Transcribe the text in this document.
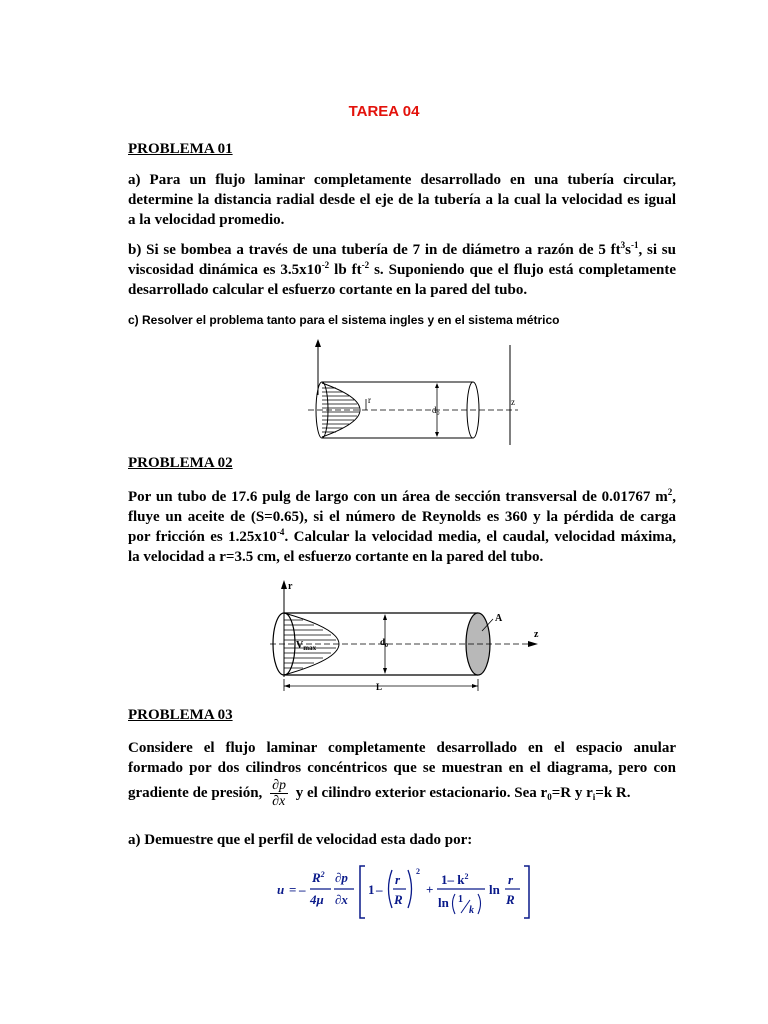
TAREA 04
PROBLEMA 01
a) Para un flujo laminar completamente desarrollado en una tubería circular,
determine la distancia radial desde el eje de la tubería a la cual la velocidad es igual
a la velocidad promedio.
b) Si se bombea a través de una tubería de 7 in de diámetro a razón de 5 $ft^3s^{-1}$, si su
viscosidad dinámica es $3.5x10^{-2}$ lb $ft^{-2}$ s. Suponiendo que el flujo está completamente
desarrollado calcular el esfuerzo cortante en la pared del tubo.
c) Resolver el problema tanto para el sistema ingles y en el sistema métrico
r
$d_0$
z
PROBLEMA 02
Por un tubo de 17.6 pulg de largo con un área de sección transversal de 0.01767 $m^2$,
fluye un aceite de (S=0.65), si el número de Reynolds es 360 y la pérdida de carga
por fricción es $1.25x10^{-4}$. Calcular la velocidad media, el caudal, velocidad máxima,
la velocidad a r=3.5 cm, el esfuerzo cortante en la pared del tubo.
r
z
$V_{max}$
$d_0$
A
L
PROBLEMA 03
Considere el flujo laminar completamente desarrollado en el espacio anular
formado por dos cilindros concéntricos que se muestran en el diagrama, pero con
gradiente de presión, $\frac{\partial p}{\partial x}$ y el cilindro exterior estacionario. Sea $r_0=R$ y $r_i=k$ R.
a) Demuestre que el perfil de velocidad esta dado por:
u = –
$R^2$
4μ
∂p
∂x
1 –
r
R
2
+
1– $k^2$
ln 1
k
ln
r
R
